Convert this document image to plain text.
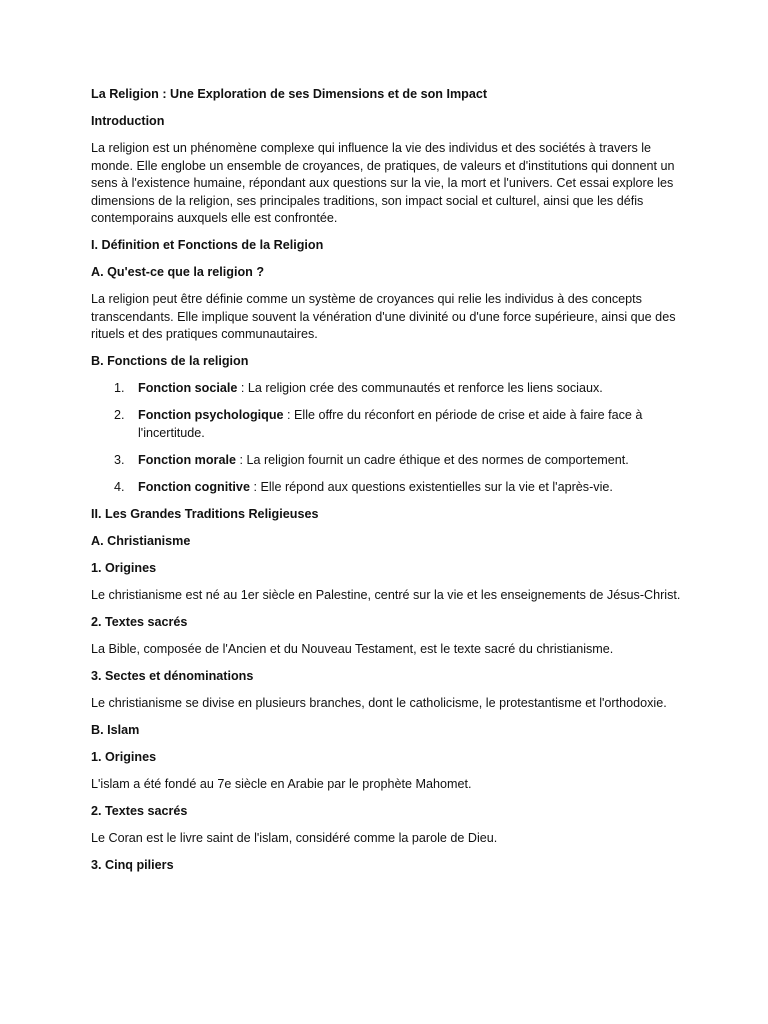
La Religion : Une Exploration de ses Dimensions et de son Impact
Introduction
La religion est un phénomène complexe qui influence la vie des individus et des sociétés à travers le monde. Elle englobe un ensemble de croyances, de pratiques, de valeurs et d'institutions qui donnent un sens à l'existence humaine, répondant aux questions sur la vie, la mort et l'univers. Cet essai explore les dimensions de la religion, ses principales traditions, son impact social et culturel, ainsi que les défis contemporains auxquels elle est confrontée.
I. Définition et Fonctions de la Religion
A. Qu'est-ce que la religion ?
La religion peut être définie comme un système de croyances qui relie les individus à des concepts transcendants. Elle implique souvent la vénération d'une divinité ou d'une force supérieure, ainsi que des rituels et des pratiques communautaires.
B. Fonctions de la religion
1. Fonction sociale : La religion crée des communautés et renforce les liens sociaux.
2. Fonction psychologique : Elle offre du réconfort en période de crise et aide à faire face à l'incertitude.
3. Fonction morale : La religion fournit un cadre éthique et des normes de comportement.
4. Fonction cognitive : Elle répond aux questions existentielles sur la vie et l'après-vie.
II. Les Grandes Traditions Religieuses
A. Christianisme
1. Origines
Le christianisme est né au 1er siècle en Palestine, centré sur la vie et les enseignements de Jésus-Christ.
2. Textes sacrés
La Bible, composée de l'Ancien et du Nouveau Testament, est le texte sacré du christianisme.
3. Sectes et dénominations
Le christianisme se divise en plusieurs branches, dont le catholicisme, le protestantisme et l'orthodoxie.
B. Islam
1. Origines
L'islam a été fondé au 7e siècle en Arabie par le prophète Mahomet.
2. Textes sacrés
Le Coran est le livre saint de l'islam, considéré comme la parole de Dieu.
3. Cinq piliers
